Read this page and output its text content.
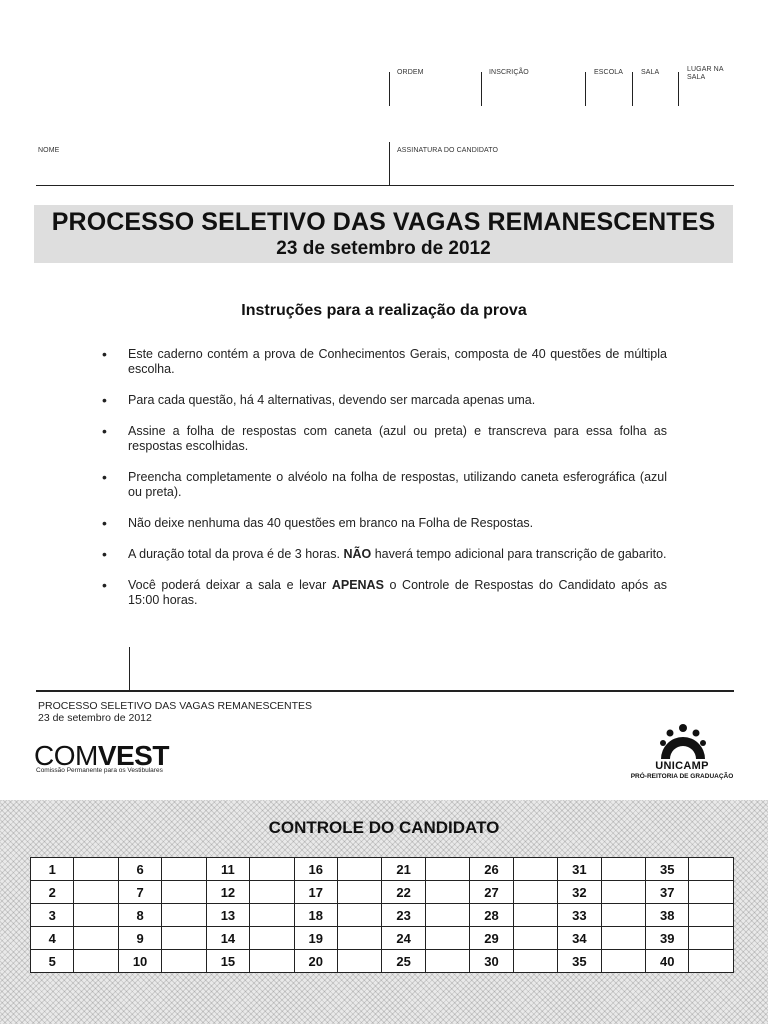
ORDEM	INSCRIÇÃO	ESCOLA	SALA	LUGAR NA SALA
NOME	ASSINATURA DO CANDIDATO
PROCESSO SELETIVO DAS VAGAS REMANESCENTES
23 de setembro de 2012
Instruções para a realização da prova
• Este caderno contém a prova de Conhecimentos Gerais, composta de 40 questões de múltipla escolha.
• Para cada questão, há 4 alternativas, devendo ser marcada apenas uma.
• Assine a folha de respostas com caneta (azul ou preta) e transcreva para essa folha as respostas escolhidas.
• Preencha completamente o alvéolo na folha de respostas, utilizando caneta esferográfica (azul ou preta).
• Não deixe nenhuma das 40 questões em branco na Folha de Respostas.
• A duração total da prova é de 3 horas. NÃO haverá tempo adicional para transcrição de gabarito.
• Você poderá deixar a sala e levar APENAS o Controle de Respostas do Candidato após as 15:00 horas.
PROCESSO SELETIVO DAS VAGAS REMANESCENTES
23 de setembro de 2012
COMVEST
Comissão Permanente para os Vestibulares	UNICAMP
PRÓ-REITORIA DE GRADUAÇÃO
CONTROLE DO CANDIDATO
1		6		11		16		21		26		31		35	
2		7		12		17		22		27		32		37	
3		8		13		18		23		28		33		38	
4		9		14		19		24		29		34		39	
5		10		15		20		25		30		35		40	
